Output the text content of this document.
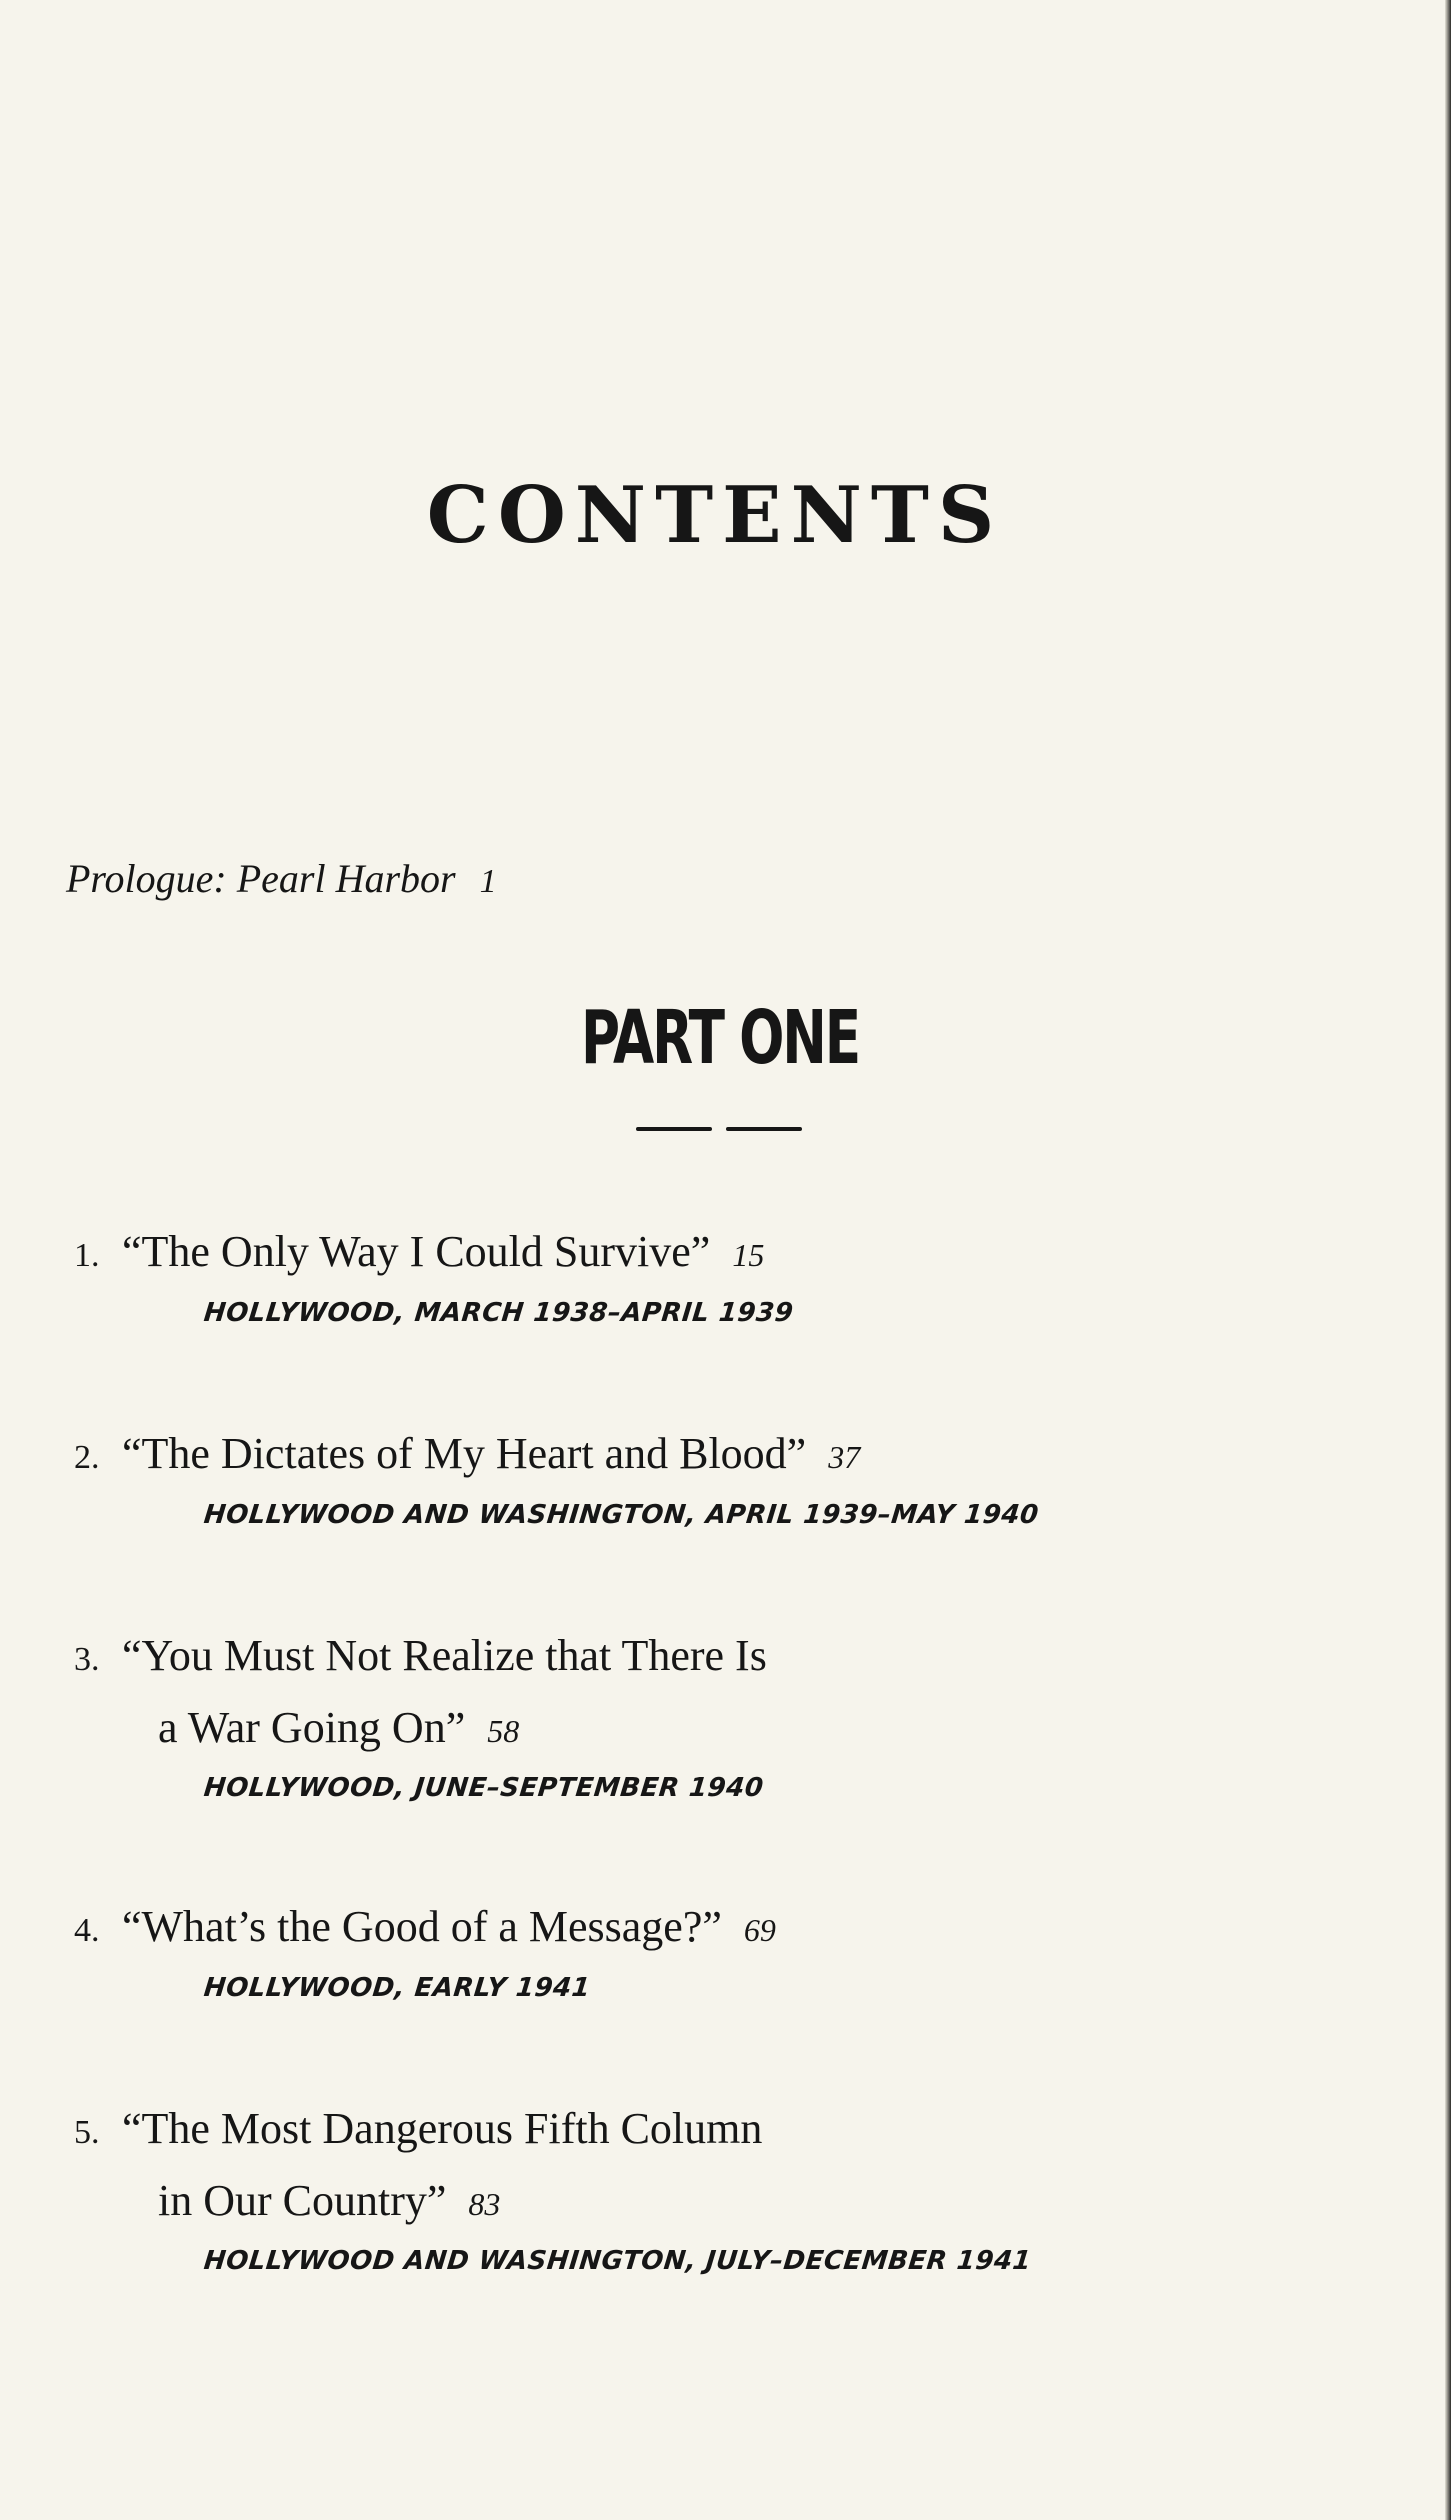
CONTENTS
Prologue: Pearl Harbor 1
PART ONE
1. “The Only Way I Could Survive” 15
HOLLYWOOD, MARCH 1938–APRIL 1939
2. “The Dictates of My Heart and Blood” 37
HOLLYWOOD AND WASHINGTON, APRIL 1939–MAY 1940
3. “You Must Not Realize that There Is
a War Going On” 58
HOLLYWOOD, JUNE–SEPTEMBER 1940
4. “What’s the Good of a Message?” 69
HOLLYWOOD, EARLY 1941
5. “The Most Dangerous Fifth Column
in Our Country” 83
HOLLYWOOD AND WASHINGTON, JULY–DECEMBER 1941
